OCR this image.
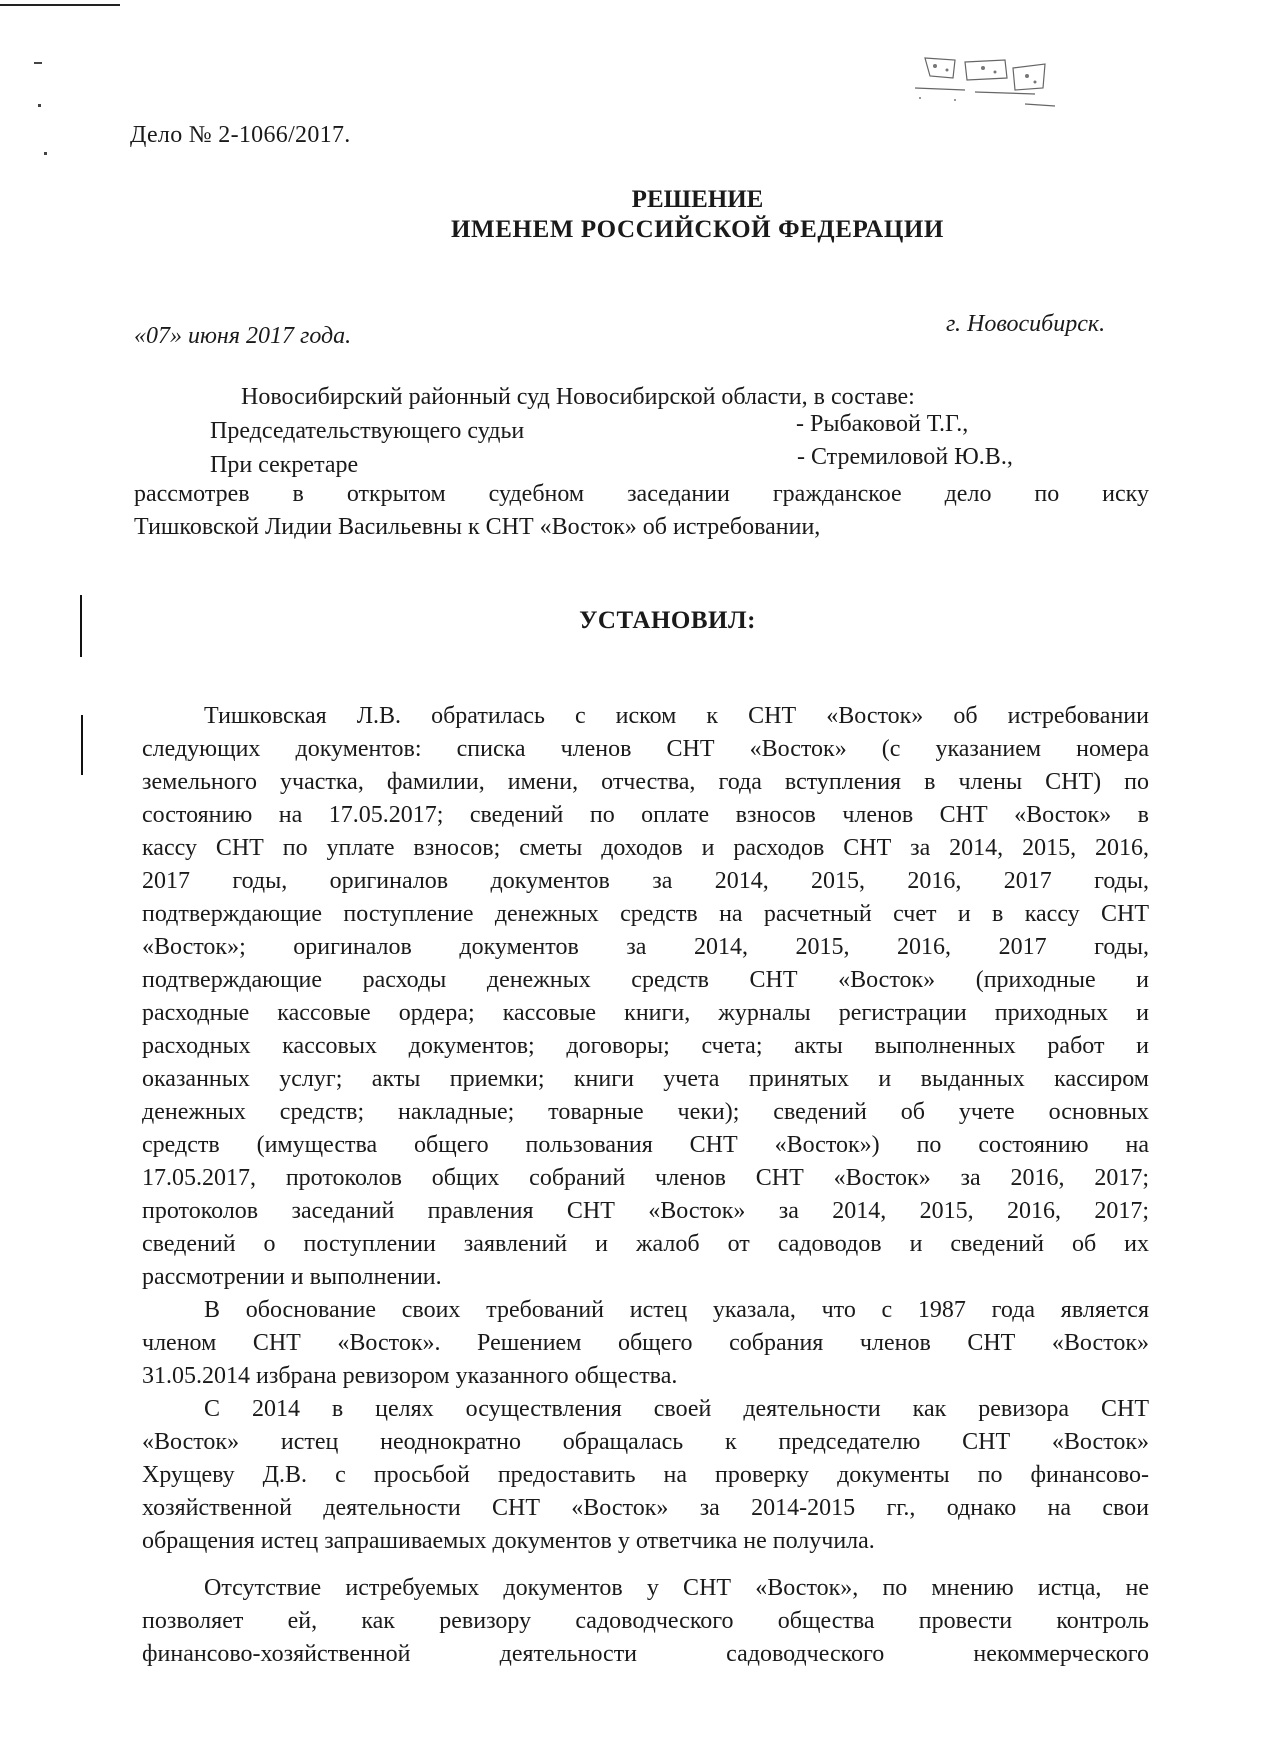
Дело № 2-1066/2017.
РЕШЕНИЕ
ИМЕНЕМ РОССИЙСКОЙ ФЕДЕРАЦИИ
«07» июня 2017 года.	г. Новосибирск.
Новосибирский районный суд Новосибирской области, в составе:
Председательствующего судьи	- Рыбаковой Т.Г.,
При секретаре	- Стремиловой Ю.В.,
рассмотрев в открытом судебном заседании гражданское дело по иску
Тишковской Лидии Васильевны к СНТ «Восток» об истребовании,
УСТАНОВИЛ:
Тишковская Л.В. обратилась с иском к СНТ «Восток» об истребовании
следующих документов: списка членов СНТ «Восток» (с указанием номера
земельного участка, фамилии, имени, отчества, года вступления в члены СНТ) по
состоянию на 17.05.2017; сведений по оплате взносов членов СНТ «Восток» в
кассу СНТ по уплате взносов; сметы доходов и расходов СНТ за 2014, 2015, 2016,
2017 годы, оригиналов документов за 2014, 2015, 2016, 2017 годы,
подтверждающие поступление денежных средств на расчетный счет и в кассу СНТ
«Восток»; оригиналов документов за 2014, 2015, 2016, 2017 годы,
подтверждающие расходы денежных средств СНТ «Восток» (приходные и
расходные кассовые ордера; кассовые книги, журналы регистрации приходных и
расходных кассовых документов; договоры; счета; акты выполненных работ и
оказанных услуг; акты приемки; книги учета принятых и выданных кассиром
денежных средств; накладные; товарные чеки); сведений об учете основных
средств (имущества общего пользования СНТ «Восток») по состоянию на
17.05.2017, протоколов общих собраний членов СНТ «Восток» за 2016, 2017;
протоколов заседаний правления СНТ «Восток» за 2014, 2015, 2016, 2017;
сведений о поступлении заявлений и жалоб от садоводов и сведений об их
рассмотрении и выполнении.
В обоснование своих требований истец указала, что с 1987 года является
членом СНТ «Восток». Решением общего собрания членов СНТ «Восток»
31.05.2014 избрана ревизором указанного общества.
С 2014 в целях осуществления своей деятельности как ревизора СНТ
«Восток» истец неоднократно обращалась к председателю СНТ «Восток»
Хрущеву Д.В. с просьбой предоставить на проверку документы по финансово-
хозяйственной деятельности СНТ «Восток» за 2014-2015 гг., однако на свои
обращения истец запрашиваемых документов у ответчика не получила.
Отсутствие истребуемых документов у СНТ «Восток», по мнению истца, не
позволяет ей, как ревизору садоводческого общества провести контроль
финансово-хозяйственной деятельности садоводческого некоммерческого
